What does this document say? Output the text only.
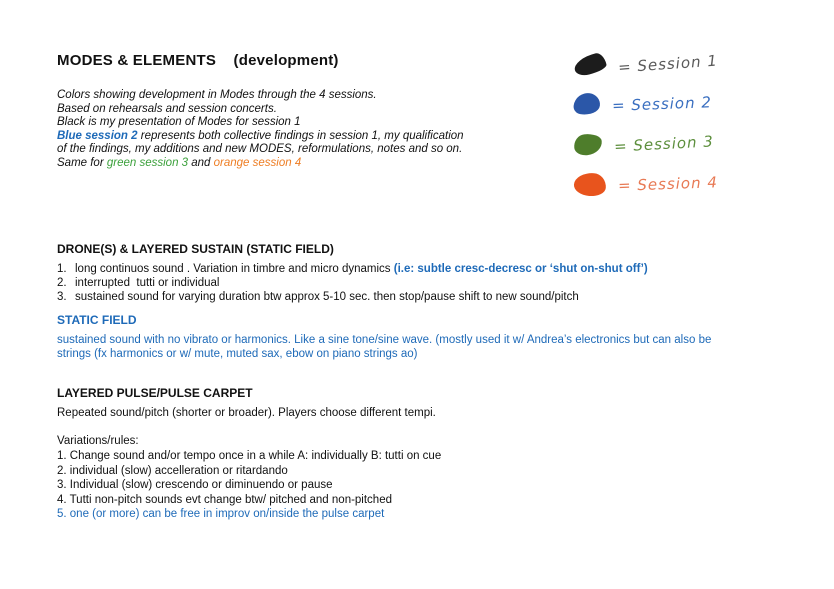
MODES & ELEMENTS    (development)
Colors showing development in Modes through the 4 sessions.
Based on rehearsals and session concerts.
Black is my presentation of Modes for session 1
Blue session 2 represents both collective findings in session 1, my qualification
of the findings, my additions and new MODES, reformulations, notes and so on.
Same for green session 3 and orange session 4
= Session 1
= Session 2
= Session 3
= Session 4
DRONE(S) & LAYERED SUSTAIN (STATIC FIELD)
1. long continuos sound . Variation in timbre and micro dynamics (i.e: subtle cresc-decresc or ‘shut on-shut off’)
2. interrupted  tutti or individual
3. sustained sound for varying duration btw approx 5-10 sec. then stop/pause shift to new sound/pitch
STATIC FIELD
sustained sound with no vibrato or harmonics. Like a sine tone/sine wave. (mostly used it w/ Andrea’s electronics but can also be
strings (fx harmonics or w/ mute, muted sax, ebow on piano strings ao)
LAYERED PULSE/PULSE CARPET
Repeated sound/pitch (shorter or broader). Players choose different tempi.
Variations/rules:
1. Change sound and/or tempo once in a while A: individually B: tutti on cue
2. individual (slow) accelleration or ritardando
3. Individual (slow) crescendo or diminuendo or pause
4. Tutti non-pitch sounds evt change btw/ pitched and non-pitched
5. one (or more) can be free in improv on/inside the pulse carpet
